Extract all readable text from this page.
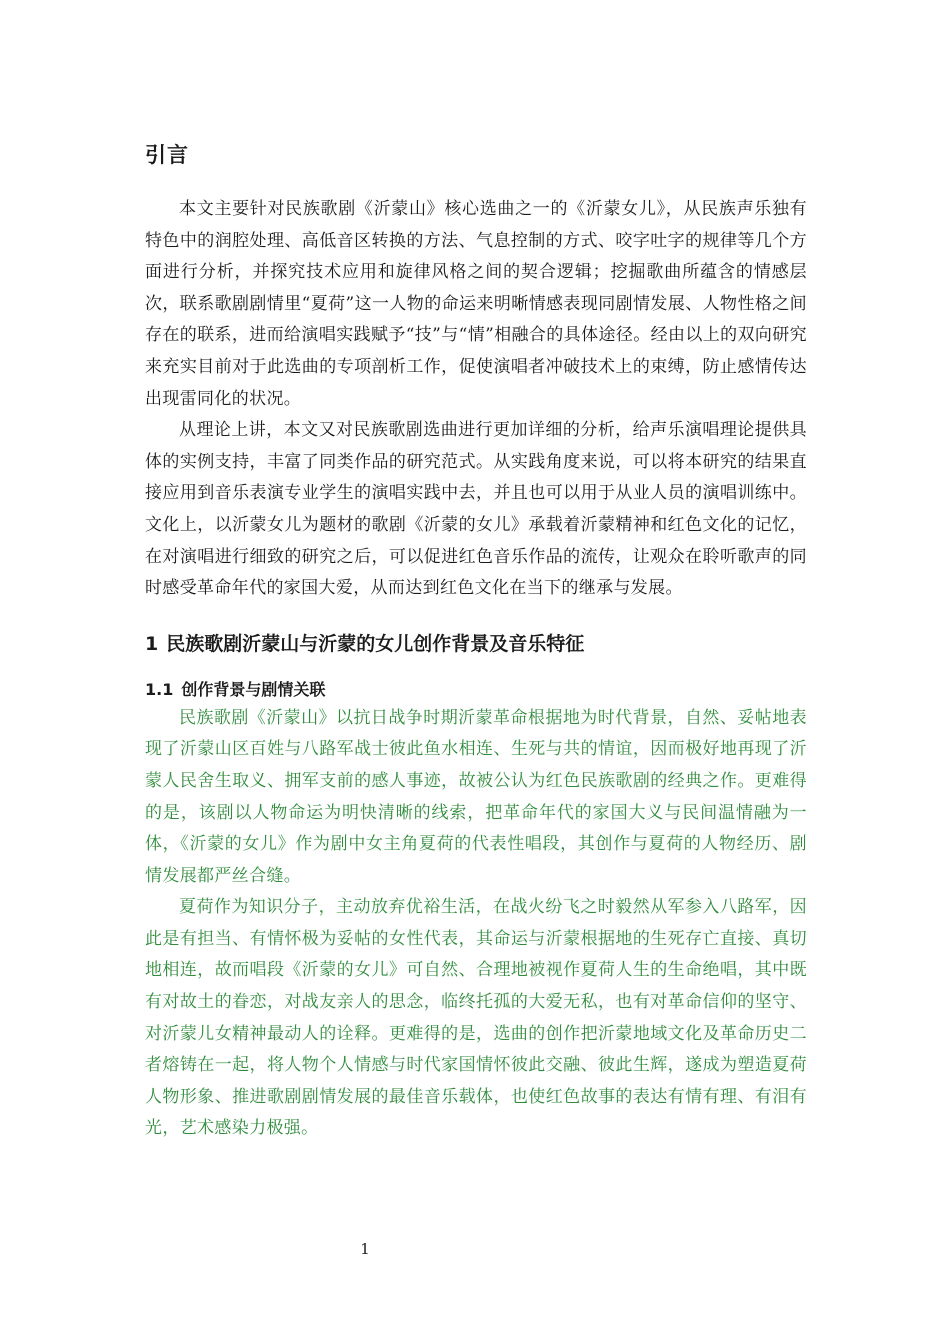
引言

本文主要针对民族歌剧《沂蒙山》核心选曲之一的《沂蒙女儿》，从民族声乐独有特色中的润腔处理、高低音区转换的方法、气息控制的方式、咬字吐字的规律等几个方面进行分析，并探究技术应用和旋律风格之间的契合逻辑；挖掘歌曲所蕴含的情感层次，联系歌剧剧情里“夏荷”这一人物的命运来明晰情感表现同剧情发展、人物性格之间存在的联系，进而给演唱实践赋予“技”与“情”相融合的具体途径。经由以上的双向研究来充实目前对于此选曲的专项剖析工作，促使演唱者冲破技术上的束缚，防止感情传达出现雷同化的状况。

从理论上讲，本文又对民族歌剧选曲进行更加详细的分析，给声乐演唱理论提供具体的实例支持，丰富了同类作品的研究范式。从实践角度来说，可以将本研究的结果直接应用到音乐表演专业学生的演唱实践中去，并且也可以用于从业人员的演唱训练中。文化上，以沂蒙女儿为题材的歌剧《沂蒙的女儿》承载着沂蒙精神和红色文化的记忆，在对演唱进行细致的研究之后，可以促进红色音乐作品的流传，让观众在聆听歌声的同时感受革命年代的家国大爱，从而达到红色文化在当下的继承与发展。

1 民族歌剧沂蒙山与沂蒙的女儿创作背景及音乐特征
1.1 创作背景与剧情关联

民族歌剧《沂蒙山》以抗日战争时期沂蒙革命根据地为时代背景，自然、妥帖地表现了沂蒙山区百姓与八路军战士彼此鱼水相连、生死与共的情谊，因而极好地再现了沂蒙人民舍生取义、拥军支前的感人事迹，故被公认为红色民族歌剧的经典之作。更难得的是，该剧以人物命运为明快清晰的线索，把革命年代的家国大义与民间温情融为一体，《沂蒙的女儿》作为剧中女主角夏荷的代表性唱段，其创作与夏荷的人物经历、剧情发展都严丝合缝。

夏荷作为知识分子，主动放弃优裕生活，在战火纷飞之时毅然从军参入八路军，因此是有担当、有情怀极为妥帖的女性代表，其命运与沂蒙根据地的生死存亡直接、真切地相连，故而唱段《沂蒙的女儿》可自然、合理地被视作夏荷人生的生命绝唱，其中既有对故土的眷恋，对战友亲人的思念，临终托孤的大爱无私，也有对革命信仰的坚守、对沂蒙儿女精神最动人的诠释。更难得的是，选曲的创作把沂蒙地域文化及革命历史二者熔铸在一起，将人物个人情感与时代家国情怀彼此交融、彼此生辉，遂成为塑造夏荷人物形象、推进歌剧剧情发展的最佳音乐载体，也使红色故事的表达有情有理、有泪有光，艺术感染力极强。

1
